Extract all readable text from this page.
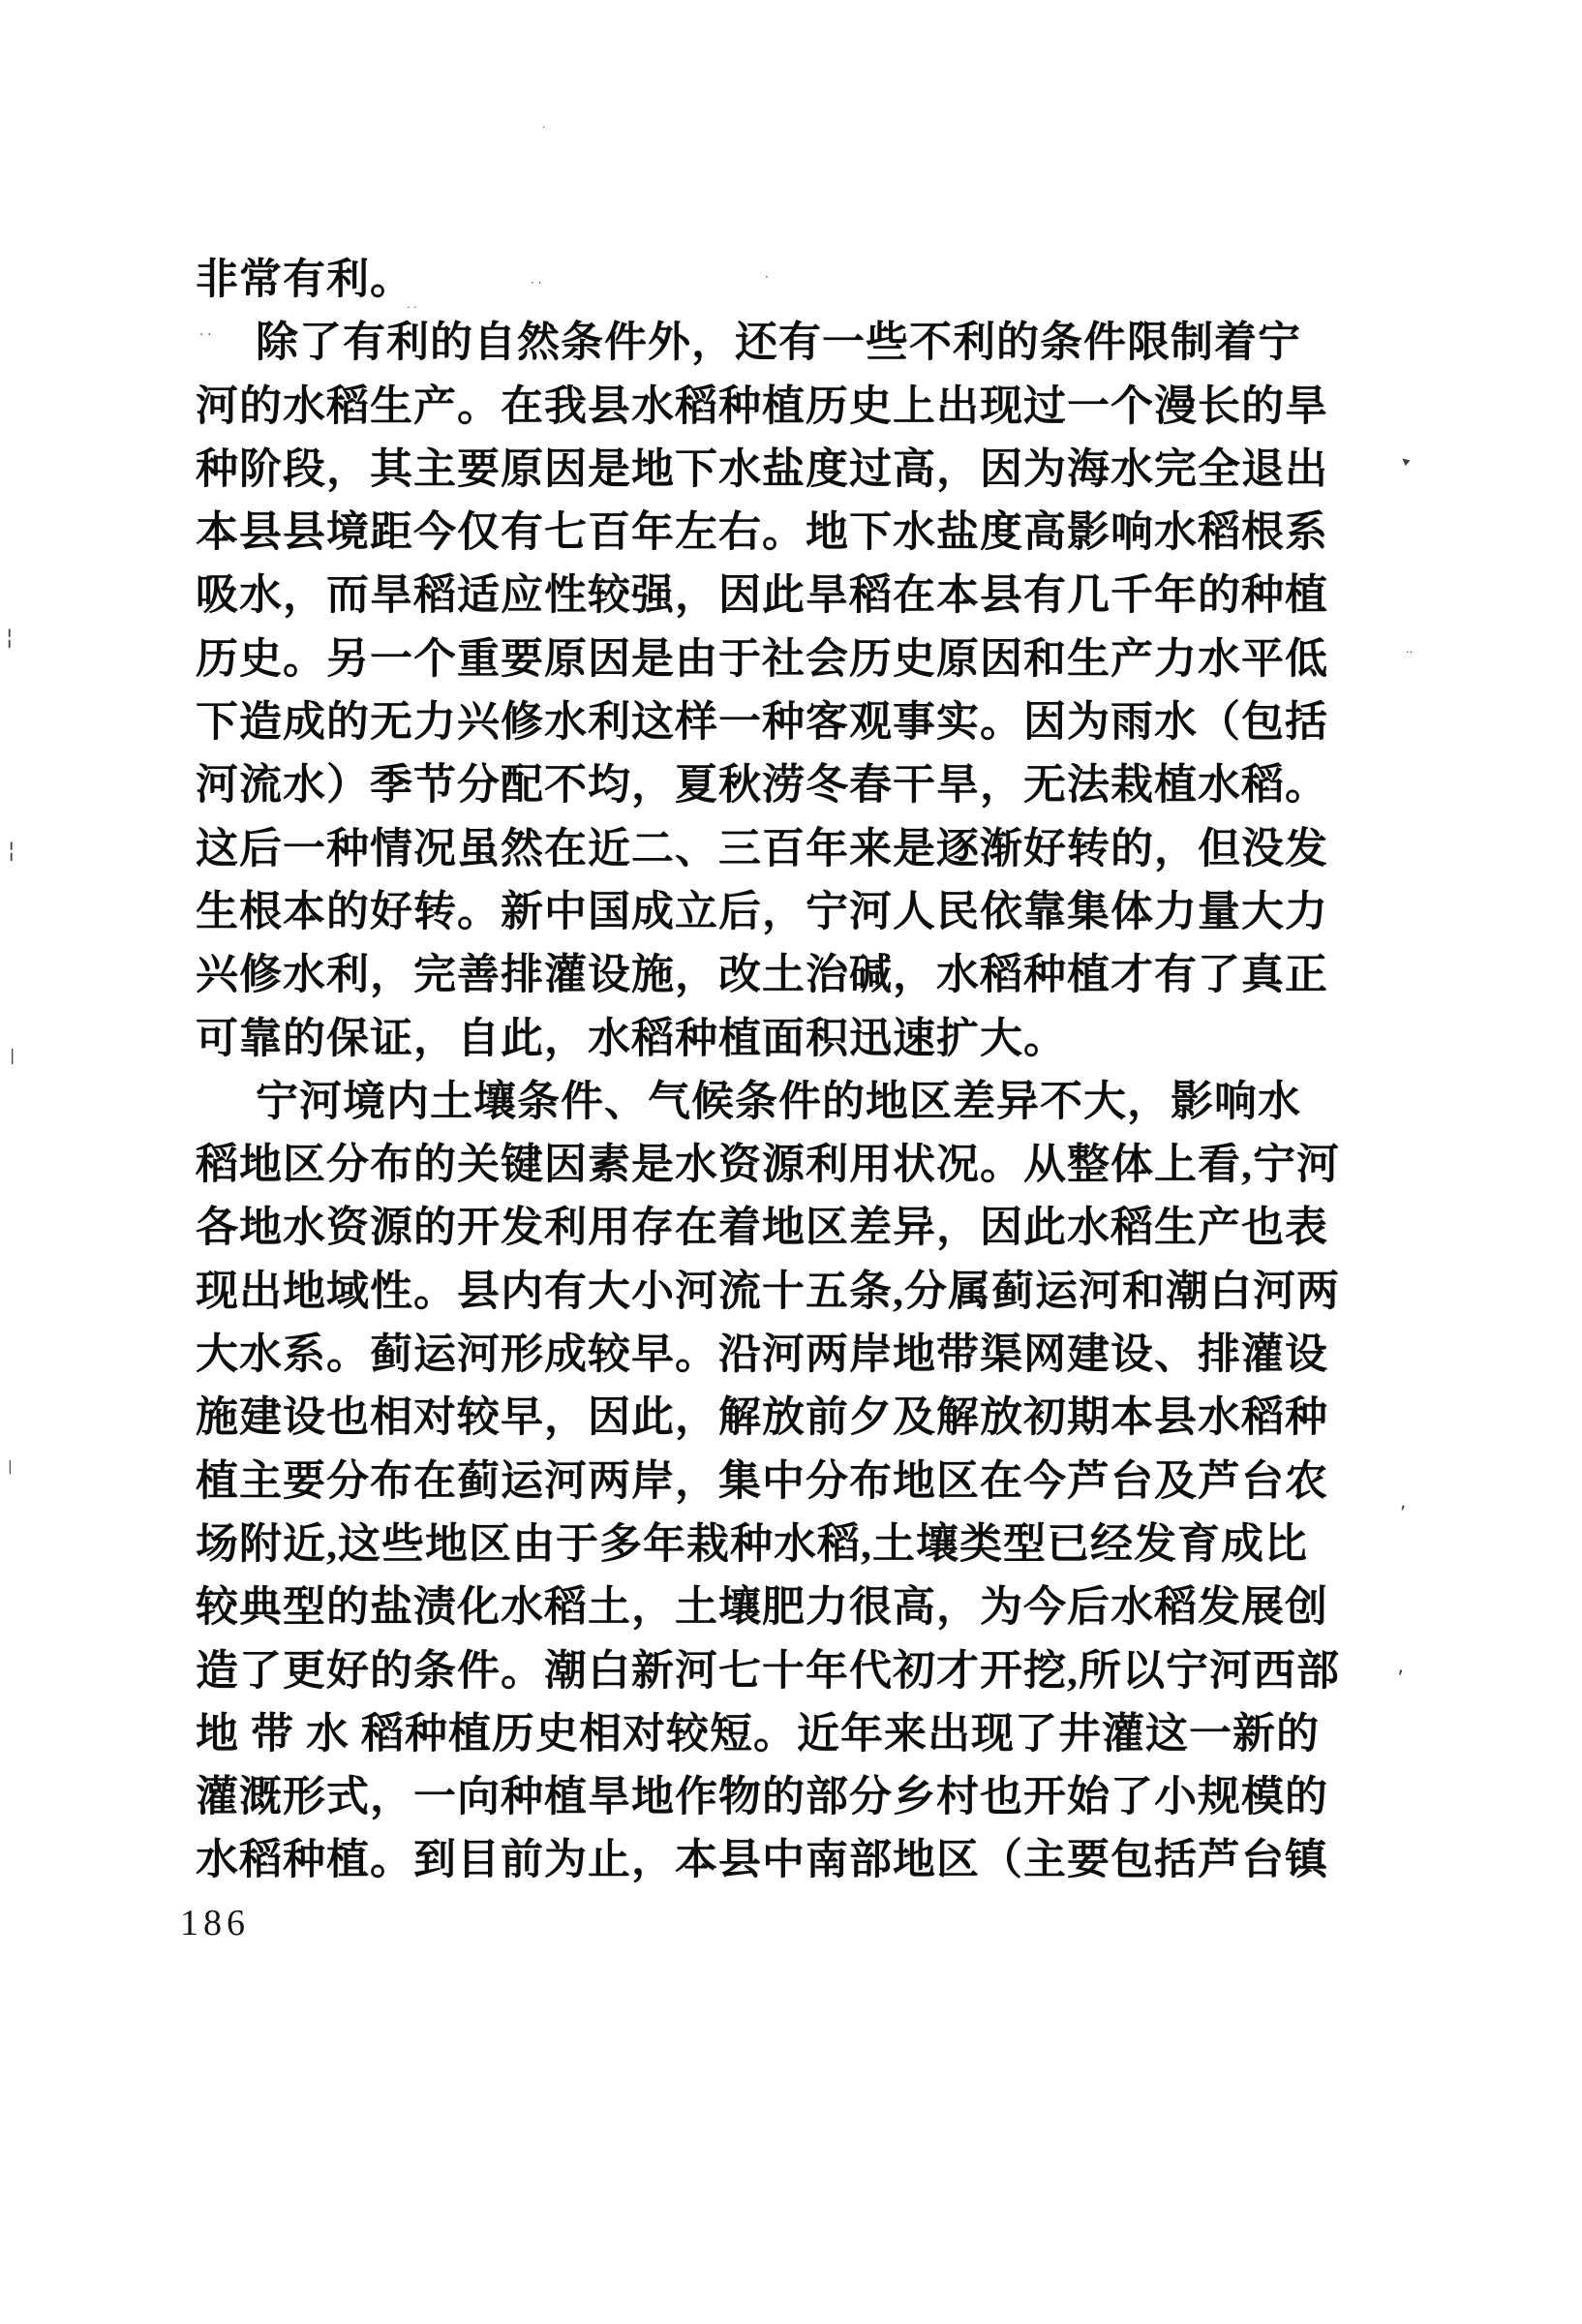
非常有利。
除了有利的自然条件外，还有一些不利的条件限制着宁
河的水稻生产。在我县水稻种植历史上出现过一个漫长的旱
种阶段，其主要原因是地下水盐度过高，因为海水完全退出
本县县境距今仅有七百年左右。地下水盐度高影响水稻根系
吸水，而旱稻适应性较强，因此旱稻在本县有几千年的种植
历史。另一个重要原因是由于社会历史原因和生产力水平低
下造成的无力兴修水利这样一种客观事实。因为雨水（包括
河流水）季节分配不均，夏秋涝冬春干旱，无法栽植水稻。
这后一种情况虽然在近二、三百年来是逐渐好转的，但没发
生根本的好转。新中国成立后，宁河人民依靠集体力量大力
兴修水利，完善排灌设施，改土治碱，水稻种植才有了真正
可靠的保证，自此，水稻种植面积迅速扩大。
宁河境内土壤条件、气候条件的地区差异不大，影响水
稻地区分布的关键因素是水资源利用状况。从整体上看,宁河
各地水资源的开发利用存在着地区差异，因此水稻生产也表
现出地域性。县内有大小河流十五条,分属蓟运河和潮白河两
大水系。蓟运河形成较早。沿河两岸地带渠网建设、排灌设
施建设也相对较早，因此，解放前夕及解放初期本县水稻种
植主要分布在蓟运河两岸，集中分布地区在今芦台及芦台农
场附近,这些地区由于多年栽种水稻,土壤类型已经发育成比
较典型的盐渍化水稻土，土壤肥力很高，为今后水稻发展创
造了更好的条件。潮白新河七十年代初才开挖,所以宁河西部
地 带 水 稻种植历史相对较短。近年来出现了井灌这一新的
灌溉形式，一向种植旱地作物的部分乡村也开始了小规模的
水稻种植。到目前为止，本县中南部地区（主要包括芦台镇
186
· ·
· ·	·
▴
··
¦
¦
|
|
,
’
·
· ·
